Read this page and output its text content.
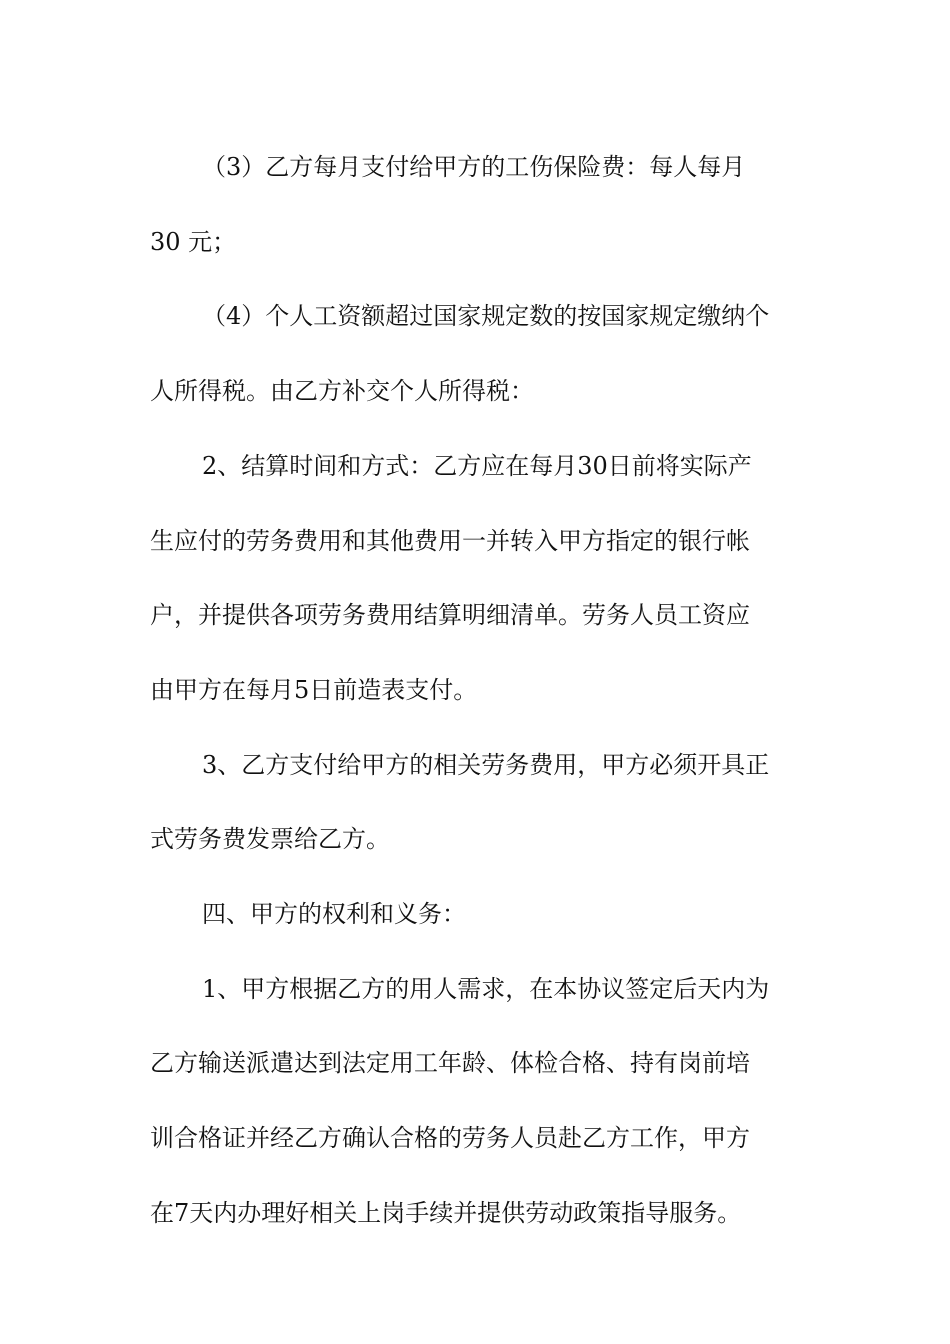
（3）乙方每月支付给甲方的工伤保险费：每人每月

30 元；

（4）个人工资额超过国家规定数的按国家规定缴纳个

人所得税。由乙方补交个人所得税：

2、结算时间和方式：乙方应在每月30日前将实际产

生应付的劳务费用和其他费用一并转入甲方指定的银行帐

户，并提供各项劳务费用结算明细清单。劳务人员工资应

由甲方在每月5日前造表支付。

3、乙方支付给甲方的相关劳务费用，甲方必须开具正

式劳务费发票给乙方。

四、甲方的权利和义务：

1、甲方根据乙方的用人需求，在本协议签定后天内为

乙方输送派遣达到法定用工年龄、体检合格、持有岗前培

训合格证并经乙方确认合格的劳务人员赴乙方工作，甲方

在7天内办理好相关上岗手续并提供劳动政策指导服务。
